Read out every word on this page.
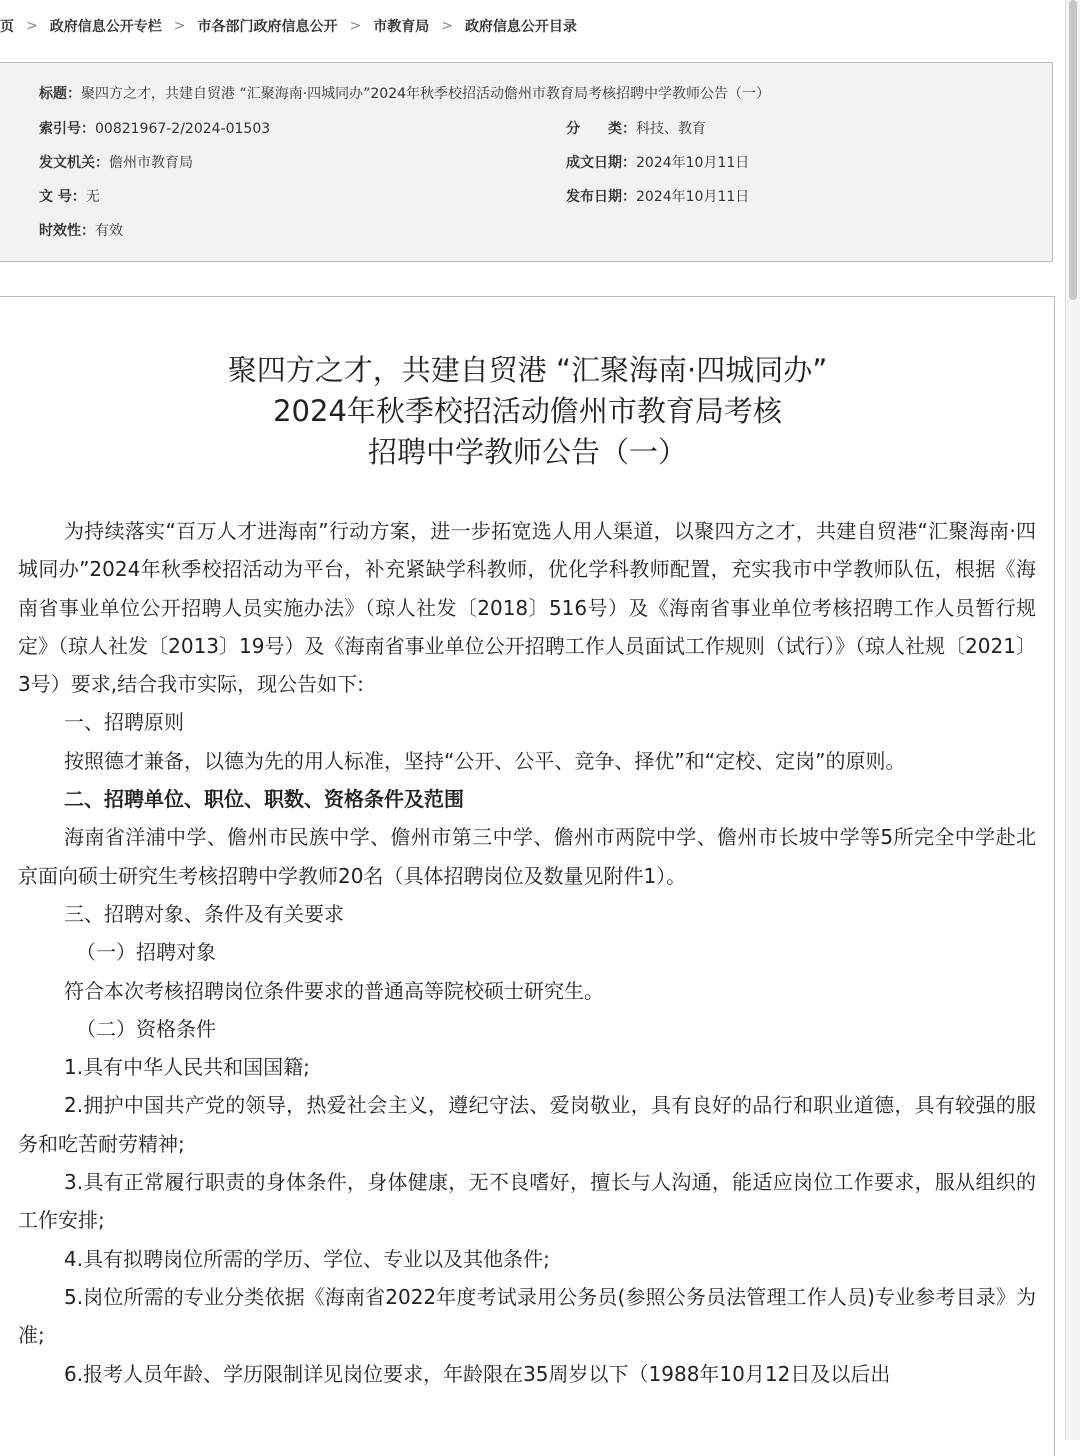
页 > 政府信息公开专栏 > 市各部门政府信息公开 > 市教育局 > 政府信息公开目录
标题：聚四方之才，共建自贸港 “汇聚海南·四城同办”2024年秋季校招活动儋州市教育局考核招聘中学教师公告（一）
索引号：00821967-2/2024-01503	分　　类：科技、教育
发文机关：儋州市教育局	成文日期：2024年10月11日
文 号：无	发布日期：2024年10月11日
时效性：有效
聚四方之才，共建自贸港 “汇聚海南·四城同办”
2024年秋季校招活动儋州市教育局考核
招聘中学教师公告（一）

为持续落实“百万人才进海南”行动方案，进一步拓宽选人用人渠道，以聚四方之才，共建自贸港“汇聚海南·四城同办”2024年秋季校招活动为平台，补充紧缺学科教师，优化学科教师配置，充实我市中学教师队伍，根据《海南省事业单位公开招聘人员实施办法》（琼人社发〔2018〕516号）及《海南省事业单位考核招聘工作人员暂行规定》（琼人社发〔2013〕19号）及《海南省事业单位公开招聘工作人员面试工作规则（试行）》（琼人社规〔2021〕3号）要求,结合我市实际，现公告如下:

一、招聘原则

按照德才兼备，以德为先的用人标准，坚持“公开、公平、竞争、择优”和“定校、定岗”的原则。

二、招聘单位、职位、职数、资格条件及范围

海南省洋浦中学、儋州市民族中学、儋州市第三中学、儋州市两院中学、儋州市长坡中学等5所完全中学赴北京面向硕士研究生考核招聘中学教师20名（具体招聘岗位及数量见附件1）。

三、招聘对象、条件及有关要求

（一）招聘对象

符合本次考核招聘岗位条件要求的普通高等院校硕士研究生。

（二）资格条件

1.具有中华人民共和国国籍;

2.拥护中国共产党的领导，热爱社会主义，遵纪守法、爱岗敬业，具有良好的品行和职业道德，具有较强的服务和吃苦耐劳精神;

3.具有正常履行职责的身体条件，身体健康，无不良嗜好，擅长与人沟通，能适应岗位工作要求，服从组织的工作安排;

4.具有拟聘岗位所需的学历、学位、专业以及其他条件;

5.岗位所需的专业分类依据《海南省2022年度考试录用公务员(参照公务员法管理工作人员)专业参考目录》为准;

6.报考人员年龄、学历限制详见岗位要求，年龄限在35周岁以下（1988年10月12日及以后出
